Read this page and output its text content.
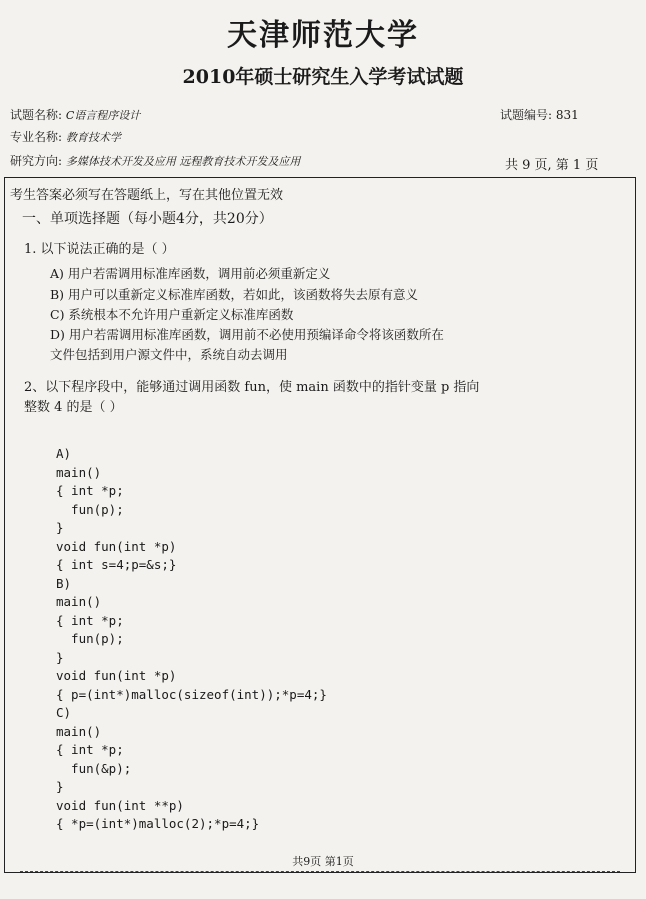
天津师范大学
2010年硕士研究生入学考试试题
试题名称: C语言程序设计
专业名称: 教育技术学
研究方向: 多媒体技术开发及应用 远程教育技术开发及应用
试题编号: 831
共 9 页, 第 1 页
考生答案必须写在答题纸上，写在其他位置无效
一、单项选择题（每小题4分，共20分）
1. 以下说法正确的是（ ）
A) 用户若需调用标准库函数，调用前必须重新定义
B) 用户可以重新定义标准库函数，若如此，该函数将失去原有意义
C) 系统根本不允许用户重新定义标准库函数
D) 用户若需调用标准库函数，调用前不必使用预编译命令将该函数所在
文件包括到用户源文件中，系统自动去调用
2、以下程序段中，能够通过调用函数 fun，使 main 函数中的指针变量 p 指向
整数 4 的是（ ）
A)
main()
{ int *p;
fun(p);
}
void fun(int *p)
{ int s=4;p=&s;}
B)
main()
{ int *p;
fun(p);
}
void fun(int *p)
{ p=(int*)malloc(sizeof(int));*p=4;}
C)
main()
{ int *p;
fun(&p);
}
void fun(int **p)
{ *p=(int*)malloc(2);*p=4;}
共9页 第1页
